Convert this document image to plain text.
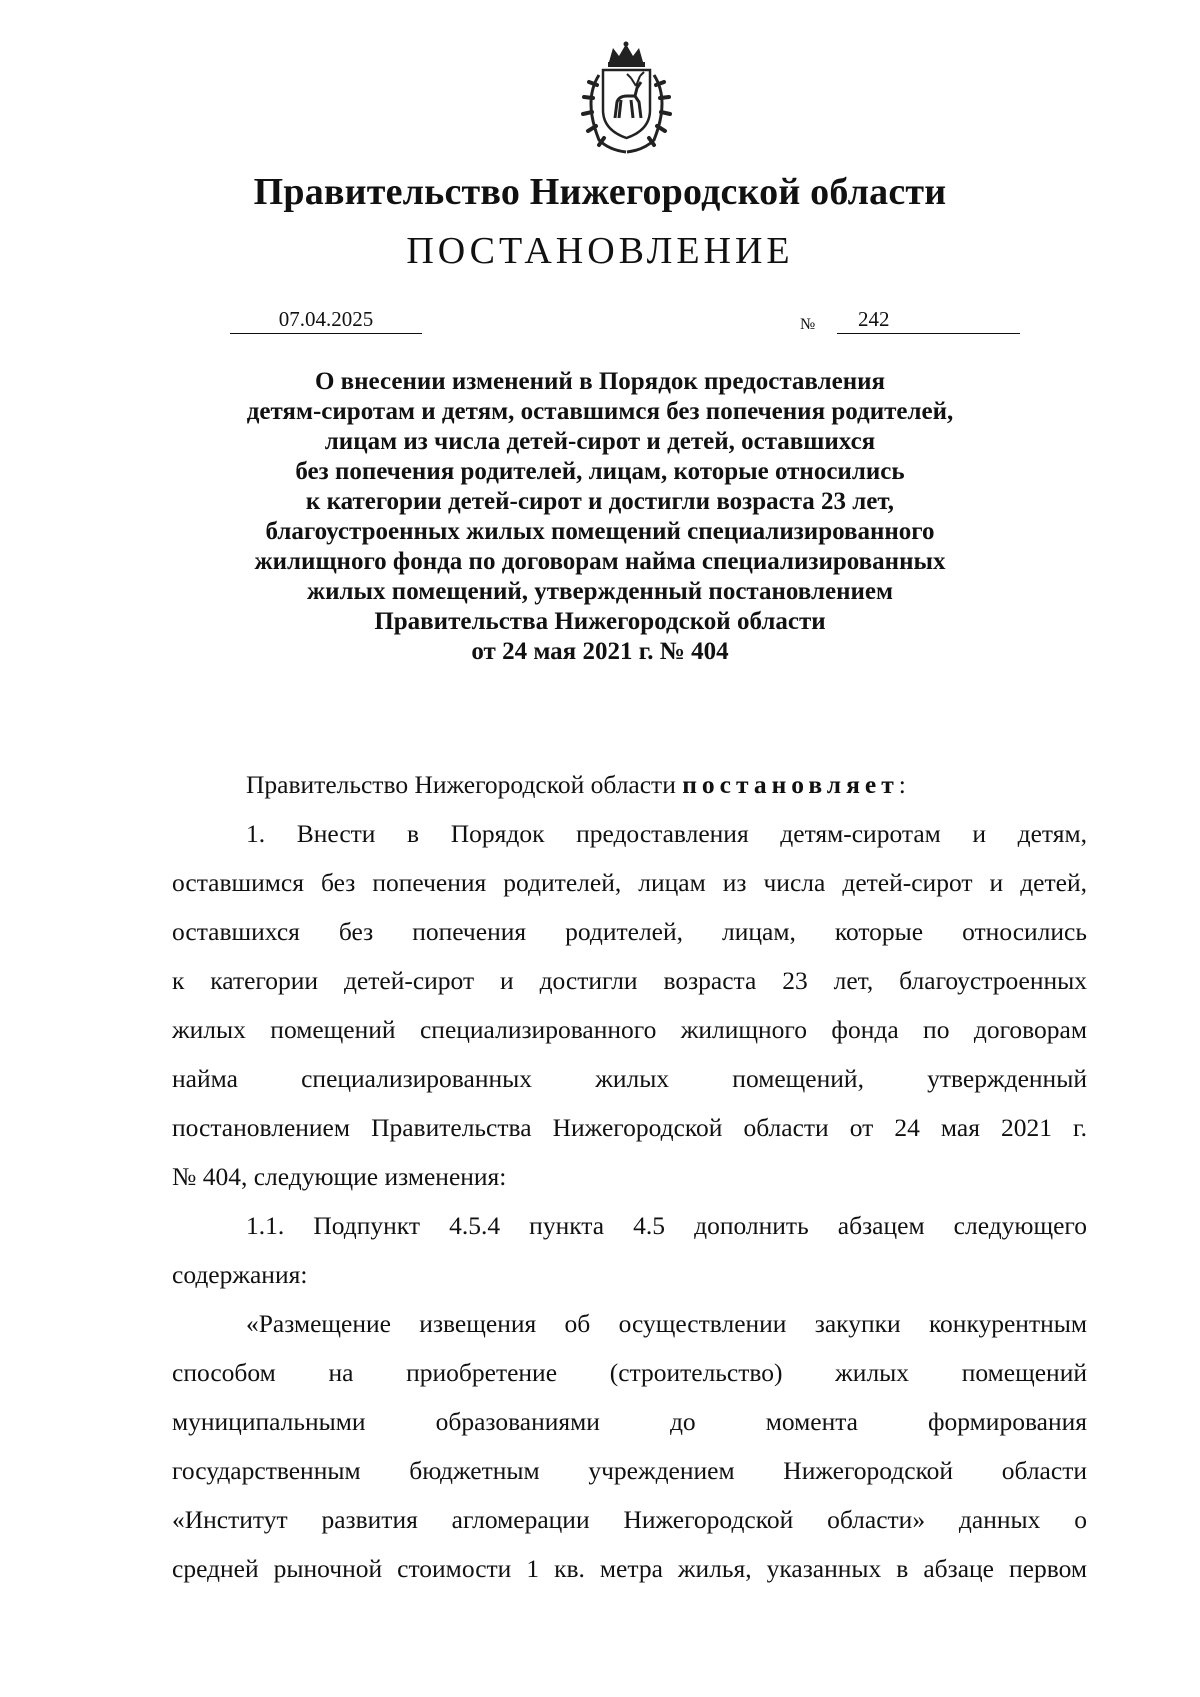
Правительство Нижегородской области
ПОСТАНОВЛЕНИЕ
07.04.2025	№	242
О внесении изменений в Порядок предоставления
детям-сиротам и детям, оставшимся без попечения родителей,
лицам из числа детей-сирот и детей, оставшихся
без попечения родителей, лицам, которые относились
к категории детей-сирот и достигли возраста 23 лет,
благоустроенных жилых помещений специализированного
жилищного фонда по договорам найма специализированных
жилых помещений, утвержденный постановлением
Правительства Нижегородской области
от 24 мая 2021 г. № 404

Правительство Нижегородской области постановляет:

1. Внести в Порядок предоставления детям-сиротам и детям,

оставшимся без попечения родителей, лицам из числа детей-сирот и детей,

оставшихся без попечения родителей, лицам, которые относились

к категории детей-сирот и достигли возраста 23 лет, благоустроенных

жилых помещений специализированного жилищного фонда по договорам

найма специализированных жилых помещений, утвержденный

постановлением Правительства Нижегородской области от 24 мая 2021 г.

№ 404, следующие изменения:

1.1. Подпункт 4.5.4 пункта 4.5 дополнить абзацем следующего

содержания:

«Размещение извещения об осуществлении закупки конкурентным

способом на приобретение (строительство) жилых помещений

муниципальными образованиями до момента формирования

государственным бюджетным учреждением Нижегородской области

«Институт развития агломерации Нижегородской области» данных о

средней рыночной стоимости 1 кв. метра жилья, указанных в абзаце первом
